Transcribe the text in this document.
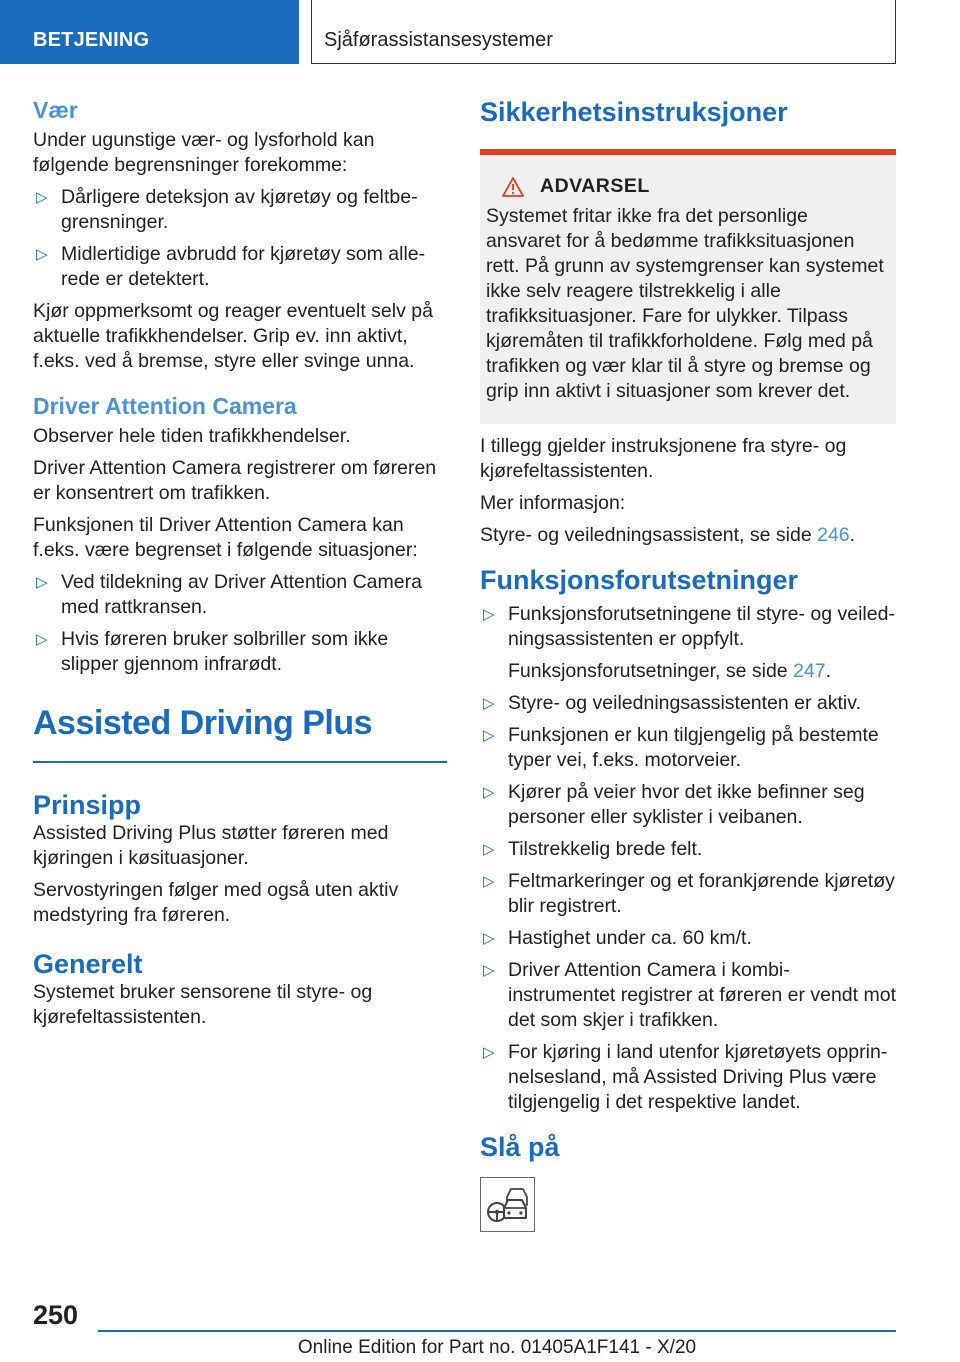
BETJENING	Sjåførassistansesystemer
Vær
Under ugunstige vær- og lysforhold kan følgende begrensninger forekomme:
▷ Dårligere deteksjon av kjøretøy og feltbegrensninger.
▷ Midlertidige avbrudd for kjøretøy som allerede er detektert.
Kjør oppmerksomt og reager eventuelt selv på aktuelle trafikkhendelser. Grip ev. inn aktivt, f.eks. ved å bremse, styre eller svinge unna.
Driver Attention Camera
Observer hele tiden trafikkhendelser.
Driver Attention Camera registrerer om føreren er konsentrert om trafikken.
Funksjonen til Driver Attention Camera kan f.eks. være begrenset i følgende situasjoner:
▷ Ved tildekning av Driver Attention Camera med rattkransen.
▷ Hvis føreren bruker solbriller som ikke slipper gjennom infrarødt.
Assisted Driving Plus
Prinsipp
Assisted Driving Plus støtter føreren med kjøringen i køsituasjoner.
Servostyringen følger med også uten aktiv medstyring fra føreren.
Generelt
Systemet bruker sensorene til styre- og kjørefeltassistenten.
Sikkerhetsinstruksjoner
ADVARSEL
Systemet fritar ikke fra det personlige ansvaret for å bedømme trafikksituasjonen rett. På grunn av systemgrenser kan systemet ikke selv reagere tilstrekkelig i alle trafikksituasjoner. Fare for ulykker. Tilpass kjøremåten til trafikkforholdene. Følg med på trafikken og vær klar til å styre og bremse og grip inn aktivt i situasjoner som krever det.
I tillegg gjelder instruksjonene fra styre- og kjørefeltassistenten.
Mer informasjon:
Styre- og veiledningsassistent, se side 246.
Funksjonsforutsetninger
▷ Funksjonsforutsetningene til styre- og veiledningsassistenten er oppfylt.
Funksjonsforutsetninger, se side 247.
▷ Styre- og veiledningsassistenten er aktiv.
▷ Funksjonen er kun tilgjengelig på bestemte typer vei, f.eks. motorveier.
▷ Kjører på veier hvor det ikke befinner seg personer eller syklister i veibanen.
▷ Tilstrekkelig brede felt.
▷ Feltmarkeringer og et forankjørende kjøretøy blir registrert.
▷ Hastighet under ca. 60 km/t.
▷ Driver Attention Camera i kombi-instrumentet registrer at føreren er vendt mot det som skjer i trafikken.
▷ For kjøring i land utenfor kjøretøyets opprinnelsesland, må Assisted Driving Plus være tilgjengelig i det respektive landet.
Slå på
250
Online Edition for Part no. 01405A1F141 - X/20
